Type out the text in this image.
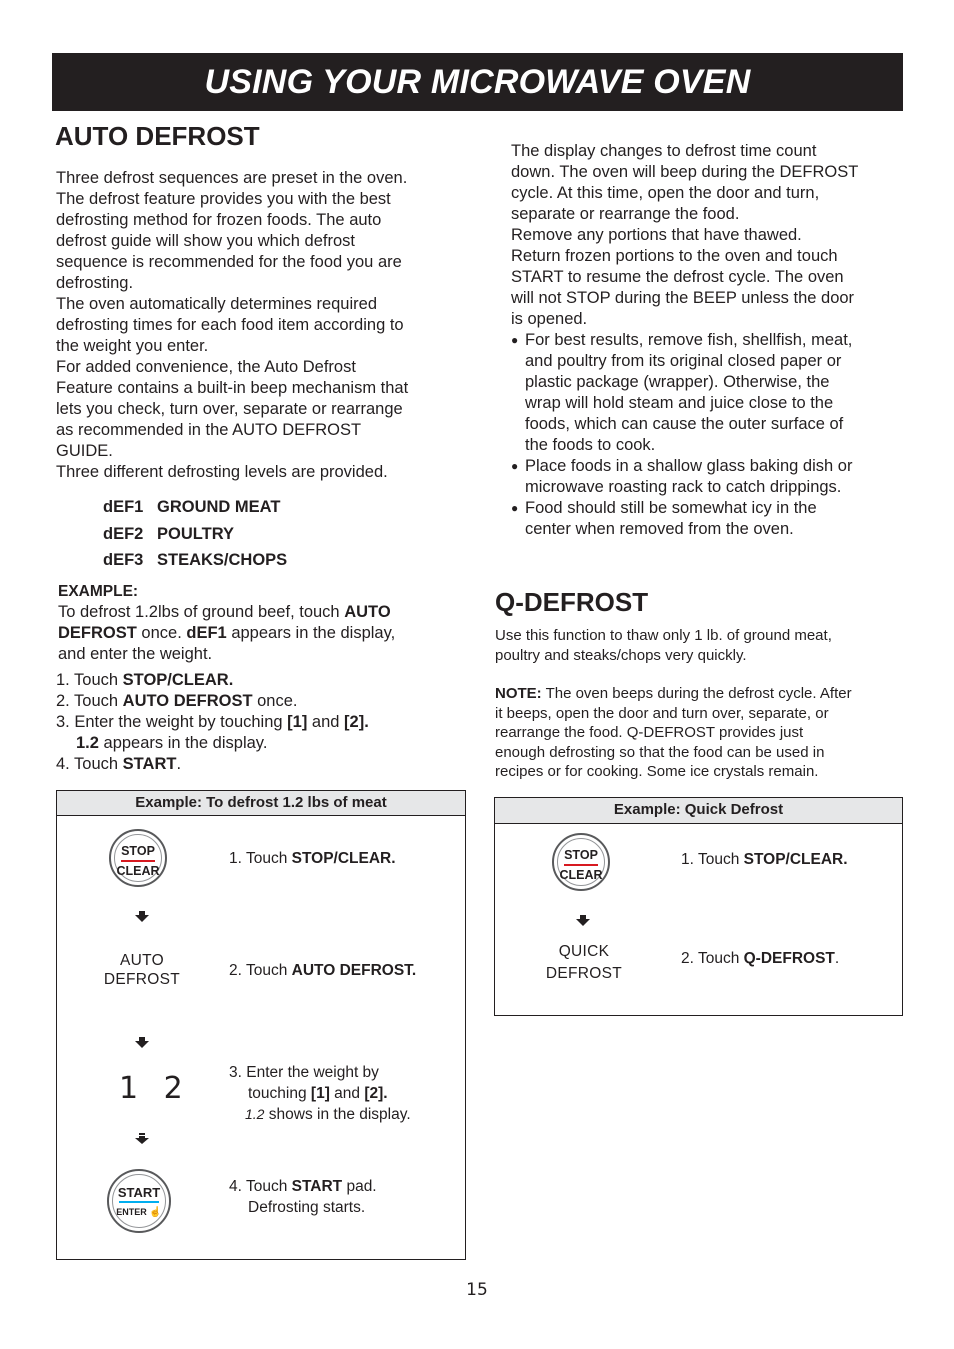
USING YOUR MICROWAVE OVEN
AUTO DEFROST
Three defrost sequences are preset in the oven.
The defrost feature provides you with the best
defrosting method for frozen foods. The auto
defrost guide will show you which defrost
sequence is recommended for the food you are
defrosting.
The oven automatically determines required
defrosting times for each food item according to
the weight you enter.
For added convenience, the Auto Defrost
Feature contains a built-in beep mechanism that
lets you check, turn over, separate or rearrange
as recommended in the AUTO DEFROST
GUIDE.
Three different defrosting levels are provided.
dEF1 GROUND MEAT
dEF2 POULTRY
dEF3 STEAKS/CHOPS
EXAMPLE:
To defrost 1.2lbs of ground beef, touch AUTO
DEFROST once. dEF1 appears in the display,
and enter the weight.
1. Touch STOP/CLEAR.
2. Touch AUTO DEFROST once.
3. Enter the weight by touching [1] and [2].
1.2 appears in the display.
4. Touch START.
Example: To defrost 1.2 lbs of meat
STOP
CLEAR
1. Touch STOP/CLEAR.
AUTO
DEFROST
2. Touch AUTO DEFROST.
1 2 3. Enter the weight by
touching [1] and [2].
1.2 shows in the display.
START
ENTER ☝
4. Touch START pad.
Defrosting starts.
The display changes to defrost time count
down. The oven will beep during the DEFROST
cycle. At this time, open the door and turn,
separate or rearrange the food.
Remove any portions that have thawed.
Return frozen portions to the oven and touch
START to resume the defrost cycle. The oven
will not STOP during the BEEP unless the door
is opened.
● For best results, remove fish, shellfish, meat,
and poultry from its original closed paper or
plastic package (wrapper). Otherwise, the
wrap will hold steam and juice close to the
foods, which can cause the outer surface of
the foods to cook.
● Place foods in a shallow glass baking dish or
microwave roasting rack to catch drippings.
● Food should still be somewhat icy in the
center when removed from the oven.
Q-DEFROST
Use this function to thaw only 1 lb. of ground meat,
poultry and steaks/chops very quickly.
NOTE: The oven beeps during the defrost cycle. After
it beeps, open the door and turn over, separate, or
rearrange the food. Q-DEFROST provides just
enough defrosting so that the food can be used in
recipes or for cooking. Some ice crystals remain.
Example: Quick Defrost
STOP
CLEAR
1. Touch STOP/CLEAR.
QUICK
DEFROST
2. Touch Q-DEFROST.
15
